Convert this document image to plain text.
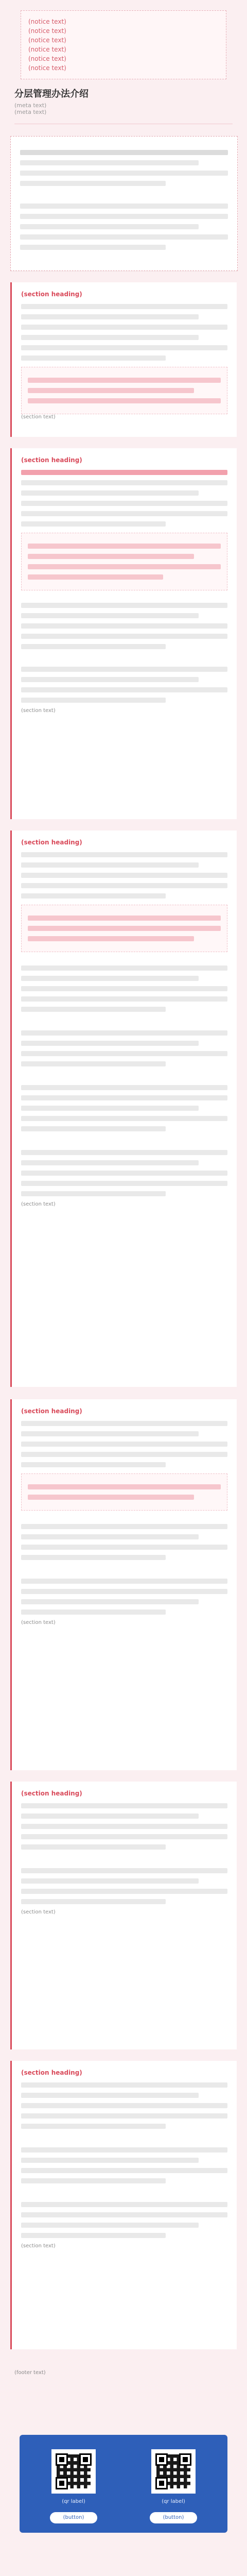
(notice text)
(notice text)
(notice text)
(notice text)
(notice text)
(notice text)
分层管理办法介绍
(meta text)
(meta text)
(section heading)
(section text)
(section heading)
(section text)
(section heading)
(section text)
(section heading)
(section text)
(section heading)
(section text)
(section heading)
(section text)
(footer text)
(qr label)	(qr label)
(button)	(button)
